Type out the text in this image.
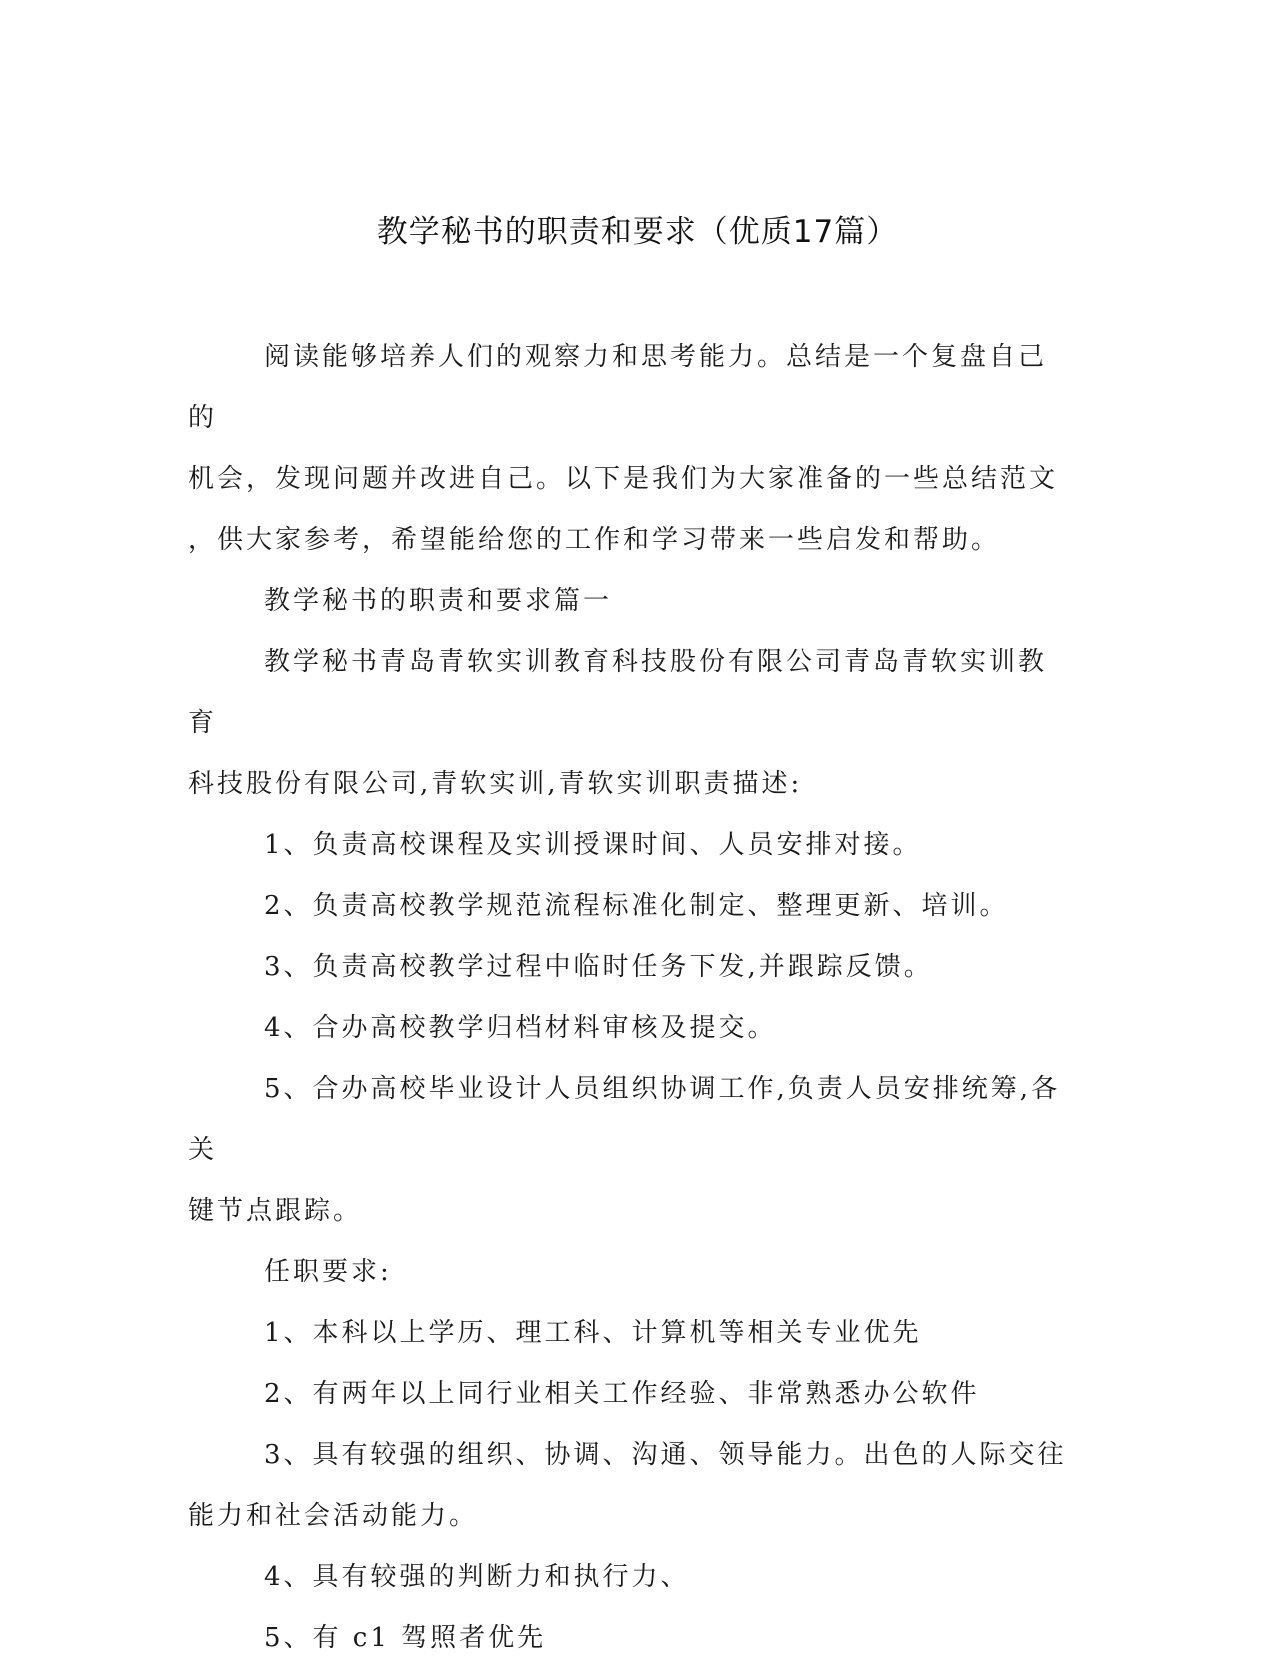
教学秘书的职责和要求（优质17篇）

阅读能够培养人们的观察力和思考能力。总结是一个复盘自己的
机会，发现问题并改进自己。以下是我们为大家准备的一些总结范文
，供大家参考，希望能给您的工作和学习带来一些启发和帮助。

教学秘书的职责和要求篇一

教学秘书青岛青软实训教育科技股份有限公司青岛青软实训教育
科技股份有限公司,青软实训,青软实训职责描述:

1、负责高校课程及实训授课时间、人员安排对接。

2、负责高校教学规范流程标准化制定、整理更新、培训。

3、负责高校教学过程中临时任务下发,并跟踪反馈。

4、合办高校教学归档材料审核及提交。

5、合办高校毕业设计人员组织协调工作,负责人员安排统筹,各关
键节点跟踪。

任职要求:

1、本科以上学历、理工科、计算机等相关专业优先

2、有两年以上同行业相关工作经验、非常熟悉办公软件

3、具有较强的组织、协调、沟通、领导能力。出色的人际交往
能力和社会活动能力。

4、具有较强的判断力和执行力、

5、有 c1 驾照者优先
